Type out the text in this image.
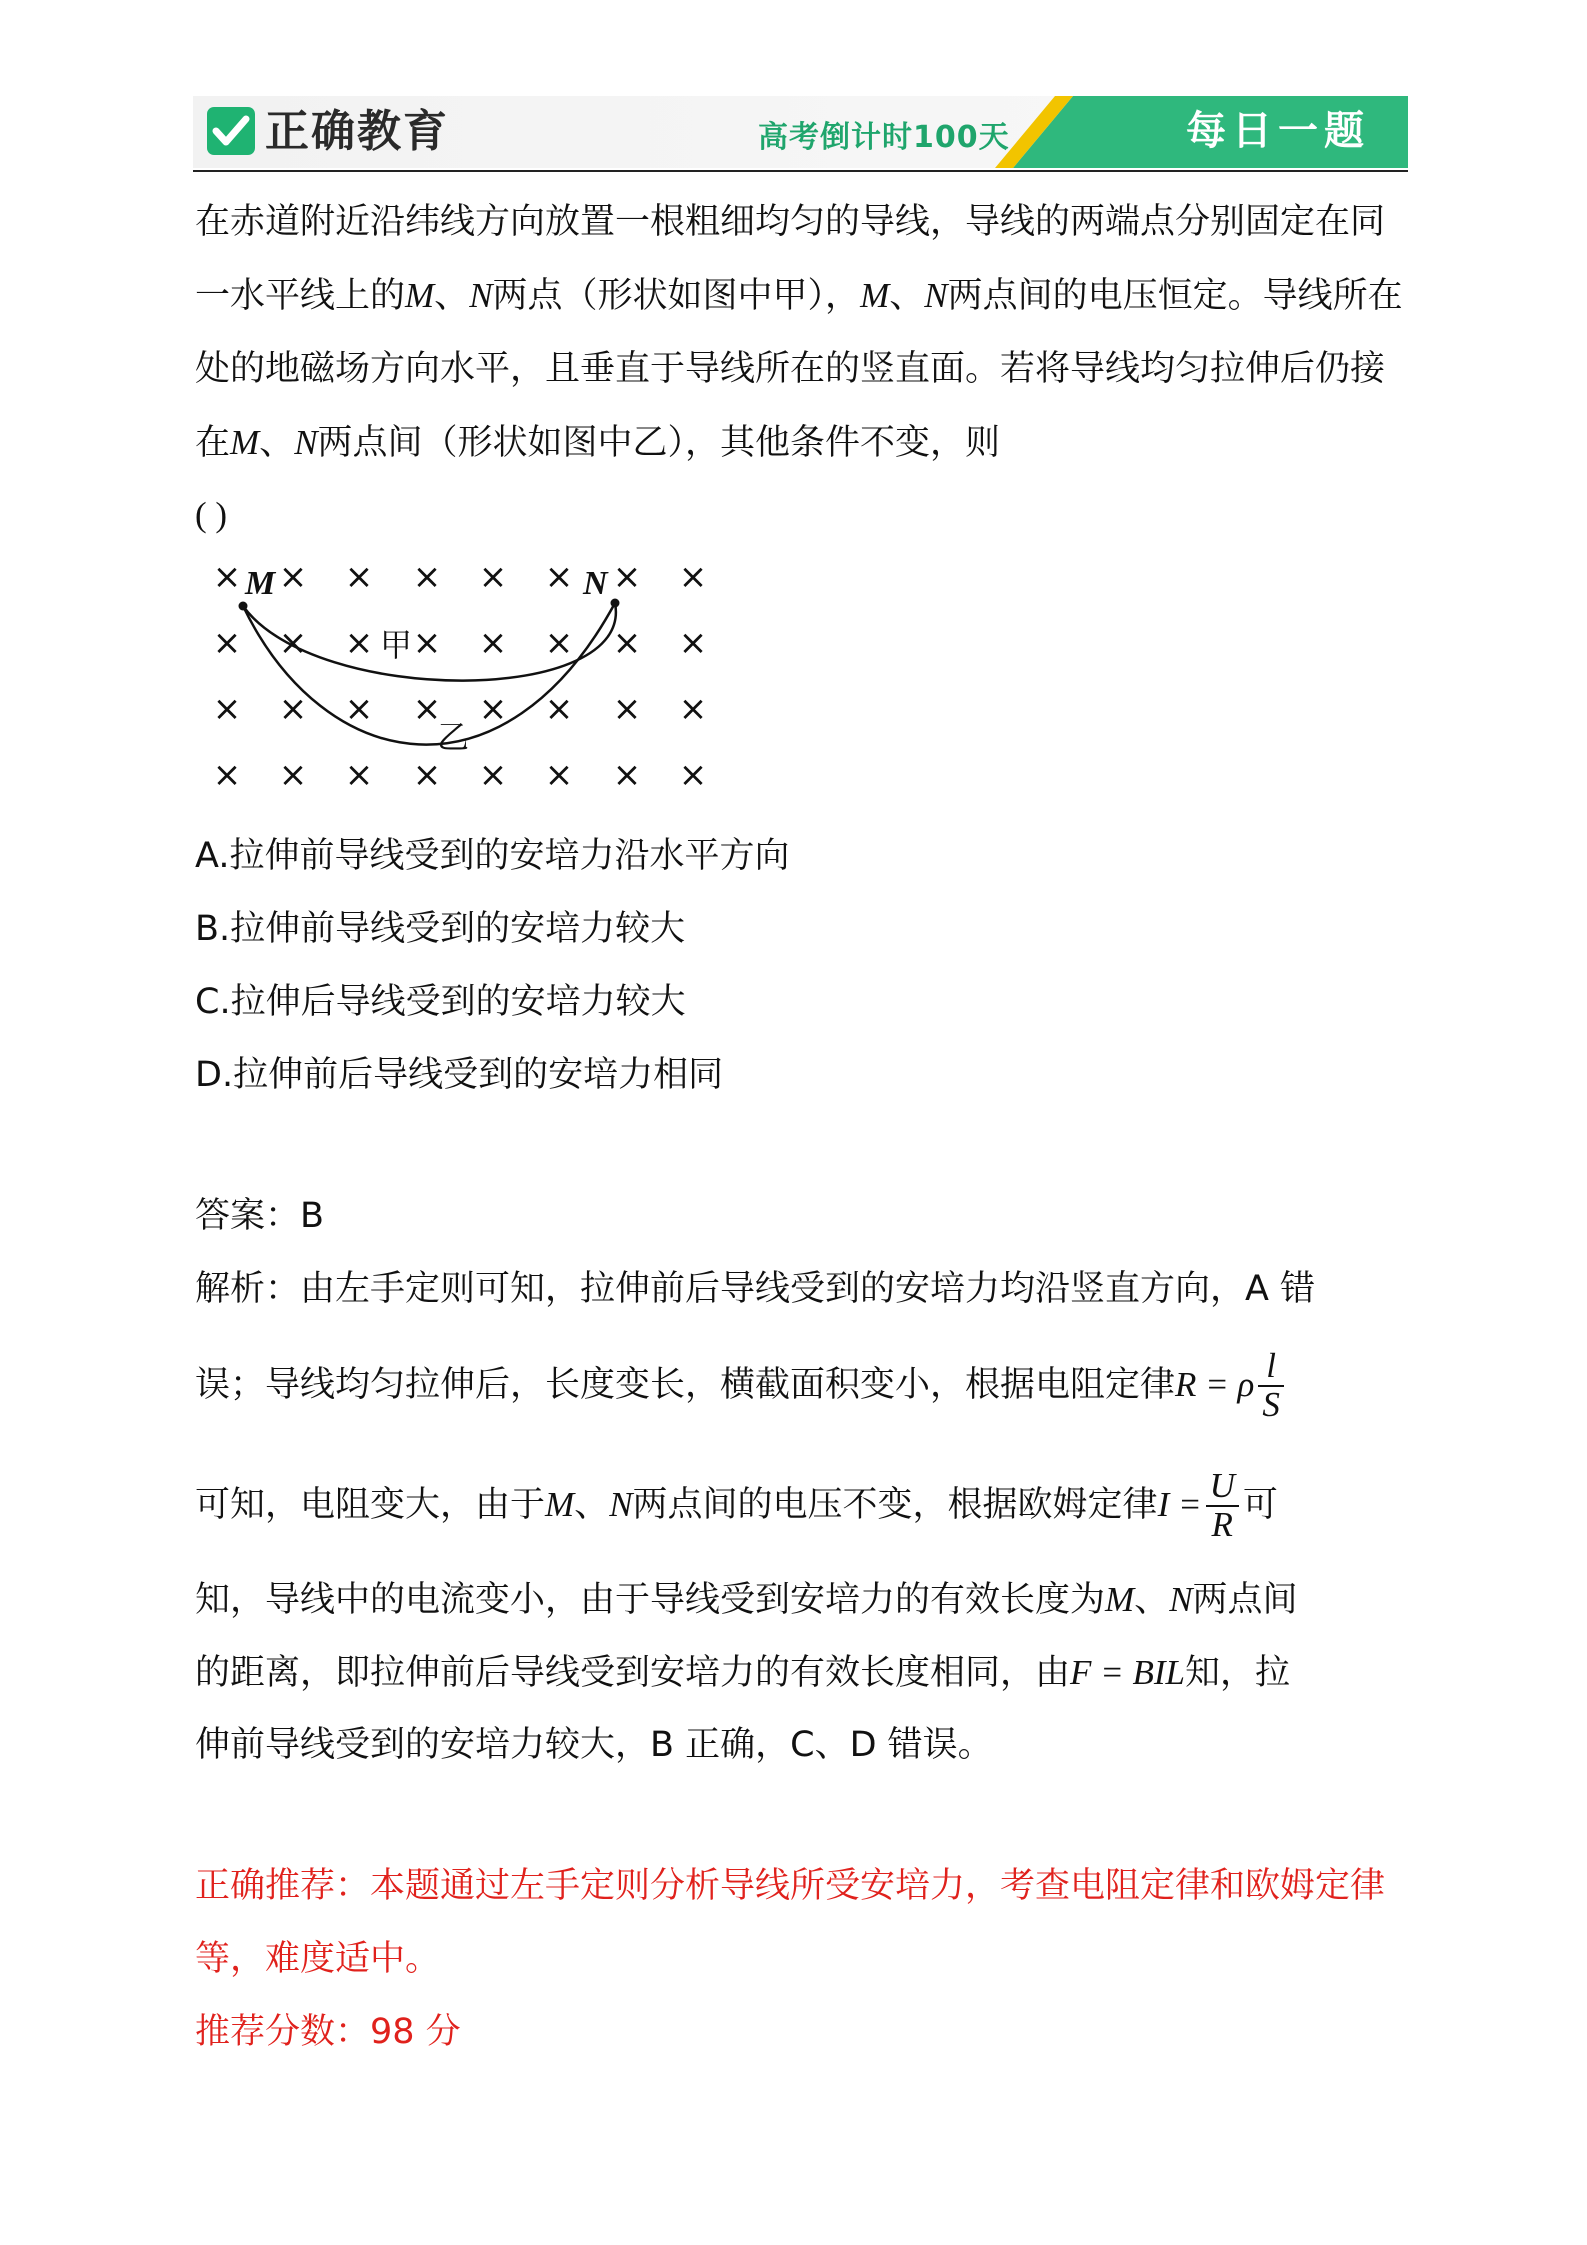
正确教育	高考倒计时100天	每日一题

在赤道附近沿纬线方向放置一根粗细均匀的导线，导线的两端点分别固定在同一水平线上的M、N两点（形状如图中甲），M、N两点间的电压恒定。导线所在处的地磁场方向水平，且垂直于导线所在的竖直面。若将导线均匀拉伸后仍接在M、N两点间（形状如图中乙），其他条件不变，则

( )
× × × × × × × ×
× × × × × × × ×
× × × × × × × ×
× × × × × × × ×
M	N
甲
乙
A.拉伸前导线受到的安培力沿水平方向
B.拉伸前导线受到的安培力较大
C.拉伸后导线受到的安培力较大
D.拉伸前后导线受到的安培力相同
答案：B
解析：由左手定则可知，拉伸前后导线受到的安培力均沿竖直方向，A 错
误；导线均匀拉伸后，长度变长，横截面积变小，根据电阻定律R = ρ $\frac{l}{S}$
可知，电阻变大，由于M、N两点间的电压不变，根据欧姆定律$I = \frac{U}{R}$ 可
知，导线中的电流变小，由于导线受到安培力的有效长度为M、N两点间
的距离，即拉伸前后导线受到安培力的有效长度相同，由F = BIL知，拉
伸前导线受到的安培力较大，B 正确，C、D 错误。

正确推荐：本题通过左手定则分析导线所受安培力，考查电阻定律和欧姆定律等，难度适中。

推荐分数：98 分
